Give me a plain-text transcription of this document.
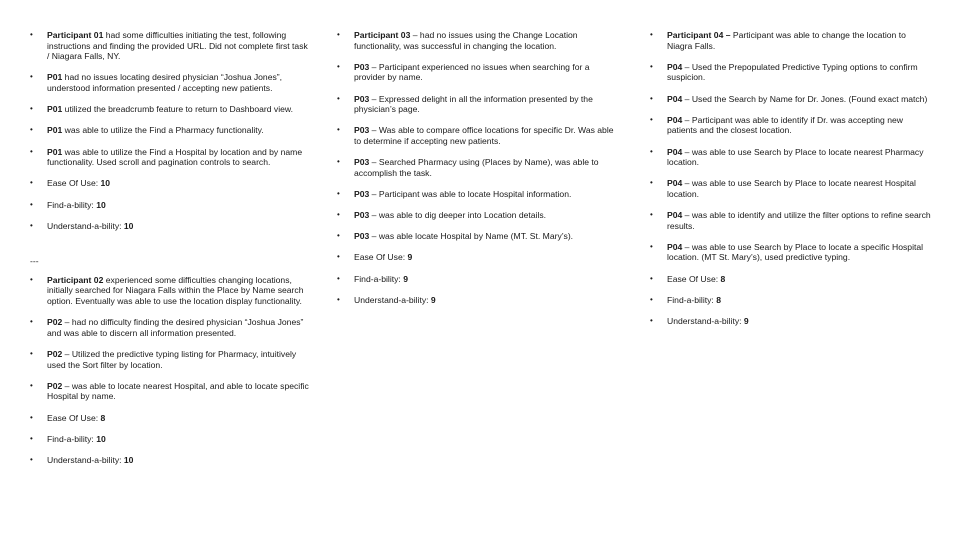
• Participant 01 had some difficulties initiating the test, following instructions and finding the provided URL. Did not complete first task / Niagara Falls, NY.
• P01 had no issues locating desired physician “Joshua Jones”, understood information presented / accepting new patients.
• P01 utilized the breadcrumb feature to return to Dashboard view.
• P01 was able to utilize the Find a Pharmacy functionality.
• P01 was able to utilize the Find a Hospital by location and by name functionality. Used scroll and pagination controls to search.
• Ease Of Use: 10
• Find-a-bility: 10
• Understand-a-bility: 10
---
• Participant 02 experienced some difficulties changing locations, initially searched for Niagara Falls within the Place by Name search option. Eventually was able to use the location display functionality.
• P02 – had no difficulty finding the desired physician “Joshua Jones” and was able to discern all information presented.
• P02 – Utilized the predictive typing listing for Pharmacy, intuitively used the Sort filter by location.
• P02 – was able to locate nearest Hospital, and able to locate specific Hospital by name.
• Ease Of Use: 8
• Find-a-bility: 10
• Understand-a-bility: 10
• Participant 03 – had no issues using the Change Location functionality, was successful in changing the location.
• P03 – Participant experienced no issues when searching for a provider by name.
• P03 – Expressed delight in all the information presented by the physician’s page.
• P03 – Was able to compare office locations for specific Dr. Was able to determine if accepting new patients.
• P03 – Searched Pharmacy using (Places by Name), was able to accomplish the task.
• P03 – Participant was able to locate Hospital information.
• P03 – was able to dig deeper into Location details.
• P03 – was able locate Hospital by Name (MT. St. Mary’s).
• Ease Of Use: 9
• Find-a-bility: 9
• Understand-a-bility: 9
• Participant 04 – Participant was able to change the location to Niagra Falls.
• P04 – Used the Prepopulated Predictive Typing options to confirm suspicion.
• P04 – Used the Search by Name for Dr. Jones. (Found exact match)
• P04 – Participant was able to identify if Dr. was accepting new patients and the closest location.
• P04 – was able to use Search by Place to locate nearest Pharmacy location.
• P04 – was able to use Search by Place to locate nearest Hospital location.
• P04 – was able to identify and utilize the filter options to refine search results.
• P04 – was able to use Search by Place to locate a specific Hospital location. (MT St. Mary’s), used predictive typing.
• Ease Of Use: 8
• Find-a-bility: 8
• Understand-a-bility: 9
